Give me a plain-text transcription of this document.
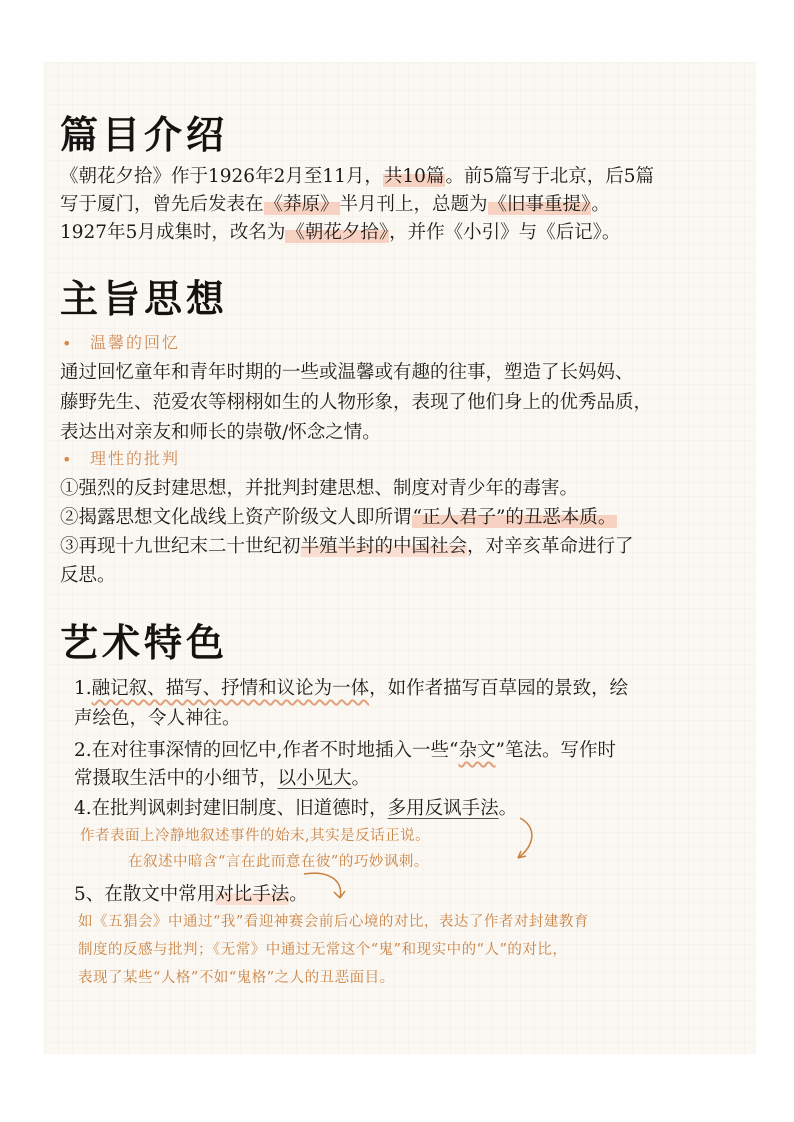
篇目介绍
《朝花夕拾》作于1926年2月至11月，共10篇。前5篇写于北京，后5篇
写于厦门，曾先后发表在《莽原》半月刊上，总题为《旧事重提》。
1927年5月成集时，改名为《朝花夕拾》，并作《小引》与《后记》。
主旨思想
• 温馨的回忆
通过回忆童年和青年时期的一些或温馨或有趣的往事，塑造了长妈妈、
藤野先生、范爱农等栩栩如生的人物形象，表现了他们身上的优秀品质，
表达出对亲友和师长的崇敬/怀念之情。
• 理性的批判
①强烈的反封建思想，并批判封建思想、制度对青少年的毒害。
②揭露思想文化战线上资产阶级文人即所谓“正人君子”的丑恶本质。
③再现十九世纪末二十世纪初半殖半封的中国社会，对辛亥革命进行了
反思。
艺术特色
1.融记叙、描写、抒情和议论为一体，如作者描写百草园的景致，绘
声绘色，令人神往。
2.在对往事深情的回忆中,作者不时地插入一些“杂文”笔法。写作时
常摄取生活中的小细节，以小见大。
4.在批判讽刺封建旧制度、旧道德时，多用反讽手法。
作者表面上冷静地叙述事件的始末,其实是反话正说。
在叙述中暗含“言在此而意在彼”的巧妙讽刺。
5、在散文中常用对比手法。
如《五猖会》中通过“我”看迎神赛会前后心境的对比，表达了作者对封建教育
制度的反感与批判；《无常》中通过无常这个“鬼”和现实中的“人”的对比，
表现了某些“人格”不如“鬼格”之人的丑恶面目。
